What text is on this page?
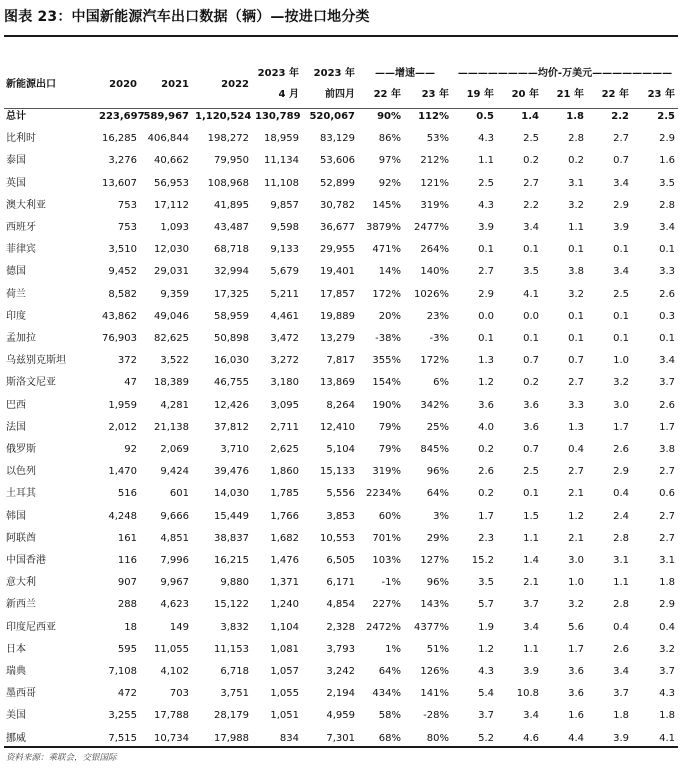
图表 23：中国新能源汽车出口数据（辆）—按进口地分类
新能源出口	2020	2021	2022	2023 年	2023 年	——增速——		————————均价-万美元————————				
				4 月	前四月	22 年	23 年	19 年	20 年	21 年	22 年	23 年
总计	223,697	589,967	1,120,524	130,789	520,067	90%	112%	0.5	1.4	1.8	2.2	2.5
比利时	16,285	406,844	198,272	18,959	83,129	86%	53%	4.3	2.5	2.8	2.7	2.9
泰国	3,276	40,662	79,950	11,134	53,606	97%	212%	1.1	0.2	0.2	0.7	1.6
英国	13,607	56,953	108,968	11,108	52,899	92%	121%	2.5	2.7	3.1	3.4	3.5
澳大利亚	753	17,112	41,895	9,857	30,782	145%	319%	4.3	2.2	3.2	2.9	2.8
西班牙	753	1,093	43,487	9,598	36,677	3879%	2477%	3.9	3.4	1.1	3.9	3.4
菲律宾	3,510	12,030	68,718	9,133	29,955	471%	264%	0.1	0.1	0.1	0.1	0.1
德国	9,452	29,031	32,994	5,679	19,401	14%	140%	2.7	3.5	3.8	3.4	3.3
荷兰	8,582	9,359	17,325	5,211	17,857	172%	1026%	2.9	4.1	3.2	2.5	2.6
印度	43,862	49,046	58,959	4,461	19,889	20%	23%	0.0	0.0	0.1	0.1	0.3
孟加拉	76,903	82,625	50,898	3,472	13,279	-38%	-3%	0.1	0.1	0.1	0.1	0.1
乌兹别克斯坦	372	3,522	16,030	3,272	7,817	355%	172%	1.3	0.7	0.7	1.0	3.4
斯洛文尼亚	47	18,389	46,755	3,180	13,869	154%	6%	1.2	0.2	2.7	3.2	3.7
巴西	1,959	4,281	12,426	3,095	8,264	190%	342%	3.6	3.6	3.3	3.0	2.6
法国	2,012	21,138	37,812	2,711	12,410	79%	25%	4.0	3.6	1.3	1.7	1.7
俄罗斯	92	2,069	3,710	2,625	5,104	79%	845%	0.2	0.7	0.4	2.6	3.8
以色列	1,470	9,424	39,476	1,860	15,133	319%	96%	2.6	2.5	2.7	2.9	2.7
土耳其	516	601	14,030	1,785	5,556	2234%	64%	0.2	0.1	2.1	0.4	0.6
韩国	4,248	9,666	15,449	1,766	3,853	60%	3%	1.7	1.5	1.2	2.4	2.7
阿联酋	161	4,851	38,837	1,682	10,553	701%	29%	2.3	1.1	2.1	2.8	2.7
中国香港	116	7,996	16,215	1,476	6,505	103%	127%	15.2	1.4	3.0	3.1	3.1
意大利	907	9,967	9,880	1,371	6,171	-1%	96%	3.5	2.1	1.0	1.1	1.8
新西兰	288	4,623	15,122	1,240	4,854	227%	143%	5.7	3.7	3.2	2.8	2.9
印度尼西亚	18	149	3,832	1,104	2,328	2472%	4377%	1.9	3.4	5.6	0.4	0.4
日本	595	11,055	11,153	1,081	3,793	1%	51%	1.2	1.1	1.7	2.6	3.2
瑞典	7,108	4,102	6,718	1,057	3,242	64%	126%	4.3	3.9	3.6	3.4	3.7
墨西哥	472	703	3,751	1,055	2,194	434%	141%	5.4	10.8	3.6	3.7	4.3
美国	3,255	17,788	28,179	1,051	4,959	58%	-28%	3.7	3.4	1.6	1.8	1.8
挪威	7,515	10,734	17,988	834	7,301	68%	80%	5.2	4.6	4.4	3.9	4.1
资料来源：乘联会，交银国际
